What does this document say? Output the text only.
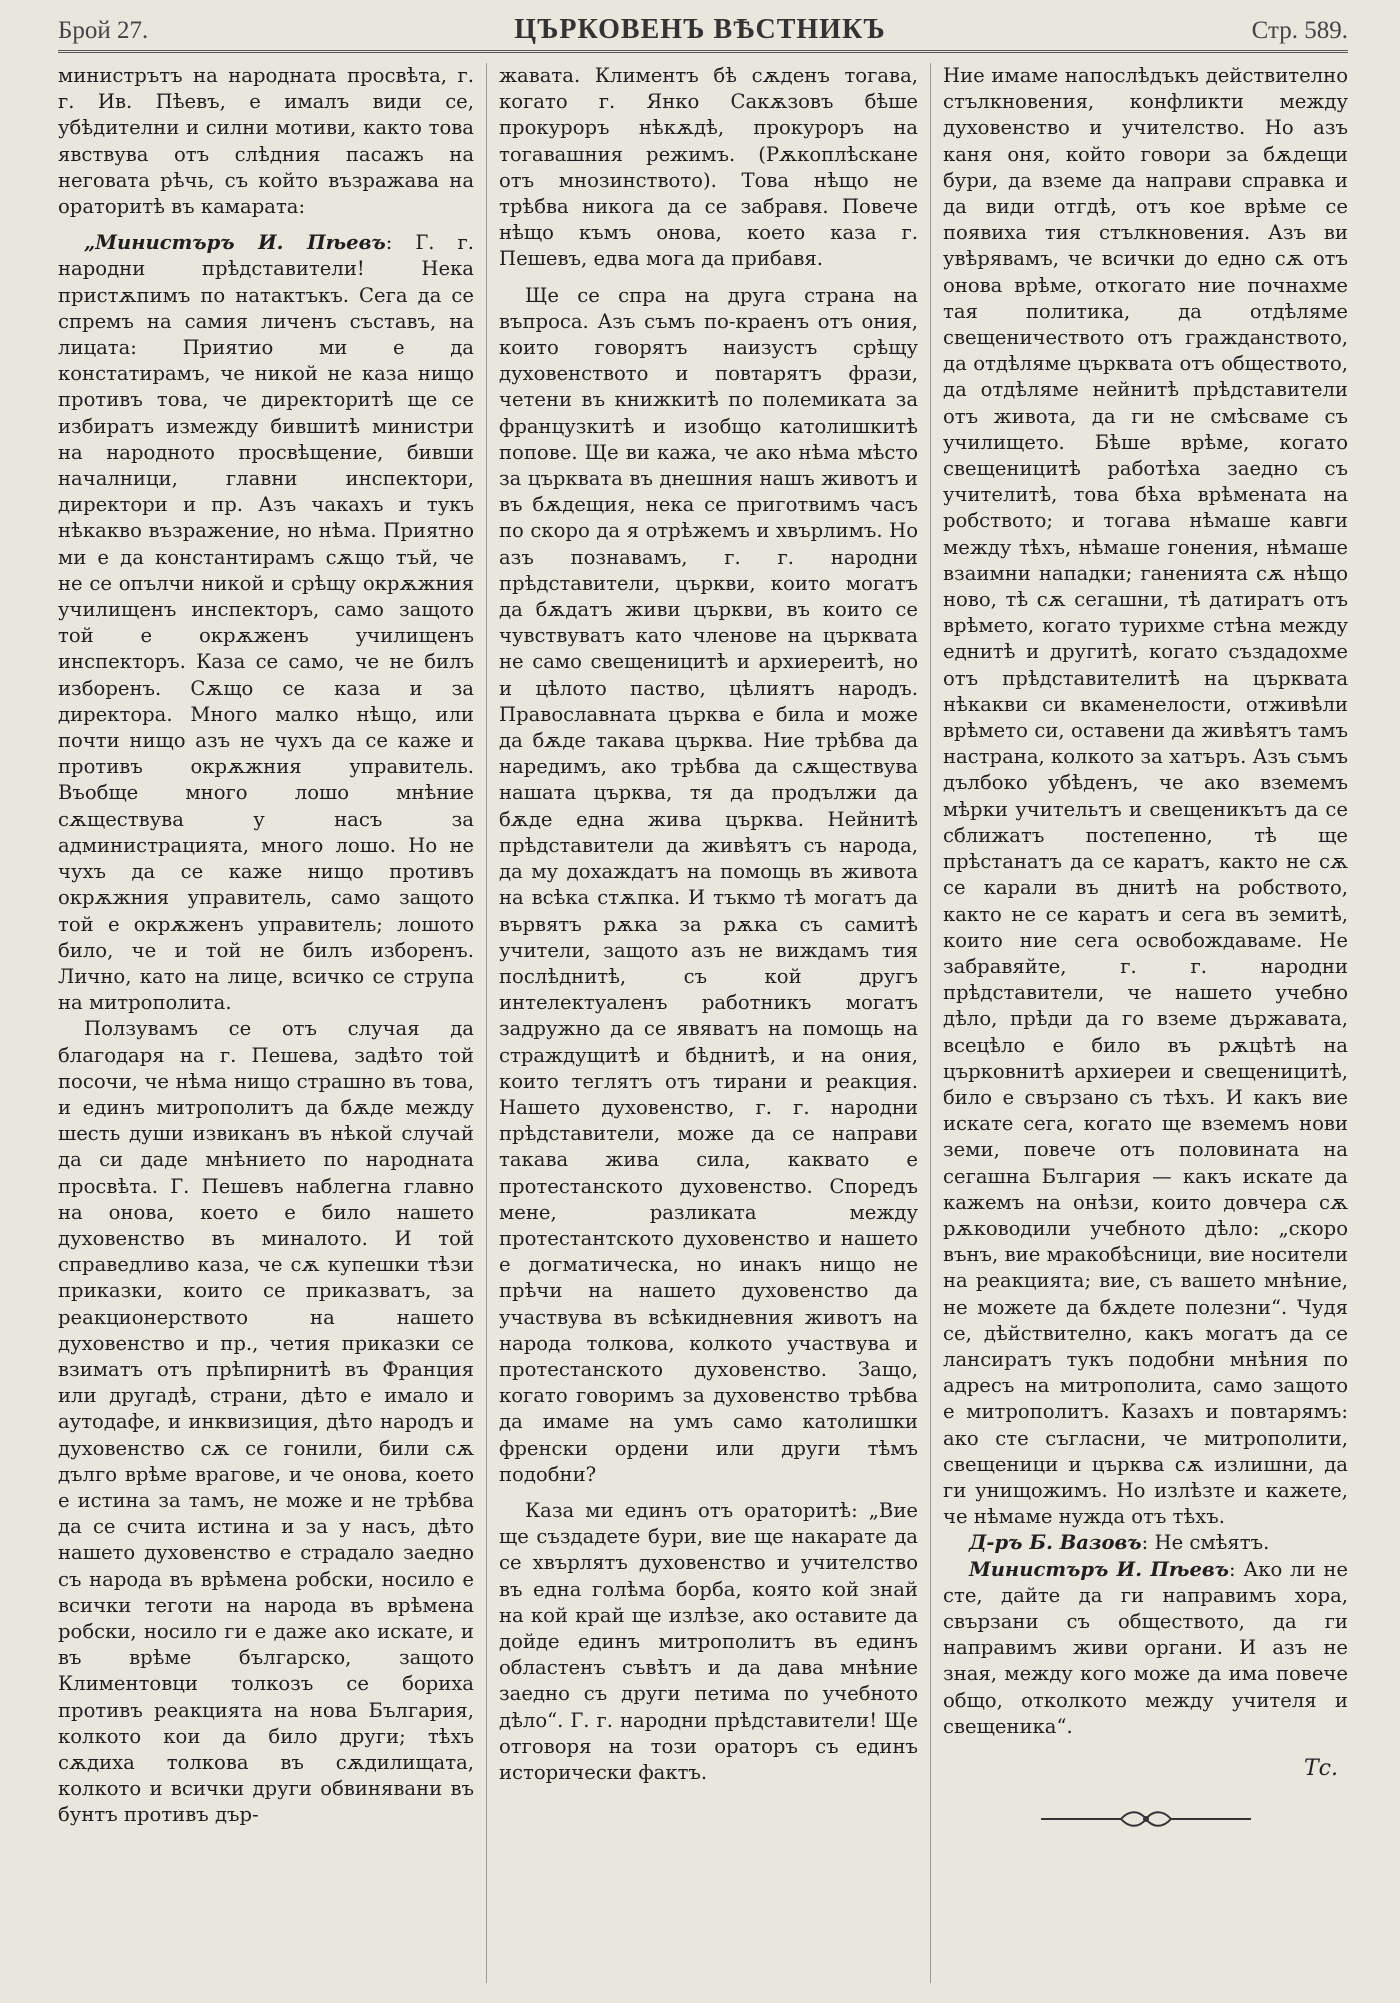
Брой 27.	ЦЪРКОВЕНЪ ВѢСТНИКЪ	Стр. 589.

министрътъ на народната просвѣта, г. г. Ив. Пѣевъ, е ималъ види се, убѣдителни и силни мотиви, както това явствува отъ слѣдния пасажъ на неговата рѣчь, съ който възражава на ораторитѣ въ камарата:

„Министъръ И. Пѣевъ: Г. г. народни прѣдставители! Нека пристѫпимъ по натактъкъ. Сега да се спремъ на самия личенъ съставъ, на лицата: Приятио ми е да констатирамъ, че никой не каза нищо противъ това, че директоритѣ ще се избиратъ измежду бившитѣ министри на народното просвѣщение, бивши началници, главни инспектори, директори и пр. Азъ чакахъ и тукъ нѣкакво възражение, но нѣма. Приятно ми е да константирамъ сѫщо тъй, че не се опълчи никой и срѣщу окрѫжния училищенъ инспекторъ, само защото той е окрѫженъ училищенъ инспекторъ. Каза се само, че не билъ изборенъ. Сѫщо се каза и за директора. Много малко нѣщо, или почти нищо азъ не чухъ да се каже и противъ окрѫжния управитель. Въобще много лошо мнѣние сѫществува у насъ за администрацията, много лошо. Но не чухъ да се каже нищо противъ окрѫжния управитель, само защото той е окрѫженъ управитель; лошото било, че и той не билъ изборенъ. Лично, като на лице, всичко се струпа на митрополита.

Ползувамъ се отъ случая да благодаря на г. Пешева, задѣто той посочи, че нѣма нищо страшно въ това, и единъ митрополитъ да бѫде между шесть души извиканъ въ нѣкой случай да си даде мнѣнието по народната просвѣта. Г. Пешевъ наблегна главно на онова, което е било нашето духовенство въ миналото. И той справедливо каза, че сѫ купешки тѣзи приказки, които се приказватъ, за реакционерството на нашето духовенство и пр., четия приказки се взиматъ отъ прѣпирнитѣ въ Франция или другадѣ, страни, дѣто е имало и аутодафе, и инквизиция, дѣто народъ и духовенство сѫ се гонили, били сѫ дълго врѣме врагове, и че онова, което е истина за тамъ, не може и не трѣбва да се счита истина и за у насъ, дѣто нашето духовенство е страдало заедно съ народа въ врѣмена робски, носило е всички теготи на народа въ врѣмена робски, носило ги е даже ако искате, и въ врѣме българско, защото Климентовци толкозъ се бориха противъ реакцията на нова България, колкото кои да било други; тѣхъ сѫдиха толкова въ сѫдилищата, колкото и всички други обвинявани въ бунтъ противъ дър-

жавата. Климентъ бѣ сѫденъ тогава, когато г. Янко Сакѫзовъ бѣше прокуроръ нѣкѫдѣ, прокуроръ на тогавашния режимъ. (Рѫкоплѣскане отъ мнозинството). Това нѣщо не трѣбва никога да се забравя. Повече нѣщо къмъ онова, което каза г. Пешевъ, едва мога да прибавя.

Ще се спра на друга страна на въпроса. Азъ съмъ по-краенъ отъ ония, които говорятъ наизустъ срѣщу духовенството и повтарятъ фрази, четени въ книжкитѣ по полемиката за французкитѣ и изобщо католишкитѣ попове. Ще ви кажа, че ако нѣма мѣсто за църквата въ днешния нашъ животъ и въ бѫдещия, нека се приготвимъ часъ по скоро да я отрѣжемъ и хвърлимъ. Но азъ познавамъ, г. г. народни прѣдставители, църкви, които могатъ да бѫдатъ живи църкви, въ които се чувствуватъ като членове на църквата не само свещеницитѣ и архиереитѣ, но и цѣлото паство, цѣлиятъ народъ. Православната църква е била и може да бѫде такава църква. Ние трѣбва да наредимъ, ако трѣбва да сѫществува нашата църква, тя да продължи да бѫде една жива църква. Нейнитѣ прѣдставители да живѣятъ съ народа, да му дохаждатъ на помощь въ живота на всѣка стѫпка. И тъкмо тѣ могатъ да вървятъ рѫка за рѫка съ самитѣ учители, защото азъ не виждамъ тия послѣднитѣ, съ кой другъ интелектуаленъ работникъ могатъ задружно да се явяватъ на помощь на страждущитѣ и бѣднитѣ, и на ония, които теглятъ отъ тирани и реакция. Нашето духовенство, г. г. народни прѣдставители, може да се направи такава жива сила, каквато е протестанското духовенство. Споредъ мене, разликата между протестантското духовенство и нашето е догматическа, но инакъ нищо не прѣчи на нашето духовенство да участвува въ всѣкидневния животъ на народа толкова, колкото участвува и протестанското духовенство. Защо, когато говоримъ за духовенство трѣбва да имаме на умъ само католишки френски ордени или други тѣмъ подобни?

Каза ми единъ отъ ораторитѣ: „Вие ще създадете бури, вие ще накарате да се хвърлятъ духовенство и учителство въ една голѣма борба, която кой знай на кой край ще излѣзе, ако оставите да дойде единъ митрополитъ въ единъ областенъ съвѣтъ и да дава мнѣние заедно съ други петима по учебното дѣло“. Г. г. народни прѣдставители! Ще отговоря на този ораторъ съ единъ исторически фактъ.

Ние имаме напослѣдъкъ действително стълкновения, конфликти между духовенство и учителство. Но азъ каня оня, който говори за бѫдещи бури, да вземе да направи справка и да види отгдѣ, отъ кое врѣме се появиха тия стълкновения. Азъ ви увѣрявамъ, че всички до едно сѫ отъ онова врѣме, откогато ние почнахме тая политика, да отдѣляме свещеничеството отъ гражданството, да отдѣляме църквата отъ обществото, да отдѣляме нейнитѣ прѣдставители отъ живота, да ги не смѣсваме съ училището. Бѣше врѣме, когато свещеницитѣ работѣха заедно съ учителитѣ, това бѣха врѣмената на робството; и тогава нѣмаше кавги между тѣхъ, нѣмаше гонения, нѣмаше взаимни нападки; ганенията сѫ нѣщо ново, тѣ сѫ сегашни, тѣ датиратъ отъ врѣмето, когато турихме стѣна между еднитѣ и другитѣ, когато създадохме отъ прѣдставителитѣ на църквата нѣкакви си вкаменелости, отживѣли врѣмето си, оставени да живѣятъ тамъ настрана, колкото за хатъръ. Азъ съмъ дълбоко убѣденъ, че ако вземемъ мѣрки учительтъ и свещеникътъ да се сближатъ постепенно, тѣ ще прѣстанатъ да се каратъ, както не сѫ се карали въ днитѣ на робството, както не се каратъ и сега въ земитѣ, които ние сега освобождаваме. Не забравяйте, г. г. народни прѣдставители, че нашето учебно дѣло, прѣди да го вземе държавата, всецѣло е било въ рѫцѣтѣ на църковнитѣ архиереи и свещеницитѣ, било е свързано съ тѣхъ. И какъ вие искате сега, когато ще вземемъ нови земи, повече отъ половината на сегашна България — какъ искате да кажемъ на онѣзи, които довчера сѫ рѫководили учебното дѣло: „скоро вънъ, вие мракобѣсници, вие носители на реакцията; вие, съ вашето мнѣние, не можете да бѫдете полезни“. Чудя се, дѣйствително, какъ могатъ да се лансиратъ тукъ подобни мнѣния по адресъ на митрополита, само защото е митрополитъ. Казахъ и повтарямъ: ако сте съгласни, че митрополити, свещеници и църква сѫ излишни, да ги унищожимъ. Но излѣзте и кажете, че нѣмаме нужда отъ тѣхъ.

Д-ръ Б. Вазовъ: Не смѣятъ.

Министъръ И. Пѣевъ: Ако ли не сте, дайте да ги направимъ хора, свързани съ обществото, да ги направимъ живи органи. И азъ не зная, между кого може да има повече общо, отколкото между учителя и свещеника“.

Тс.
